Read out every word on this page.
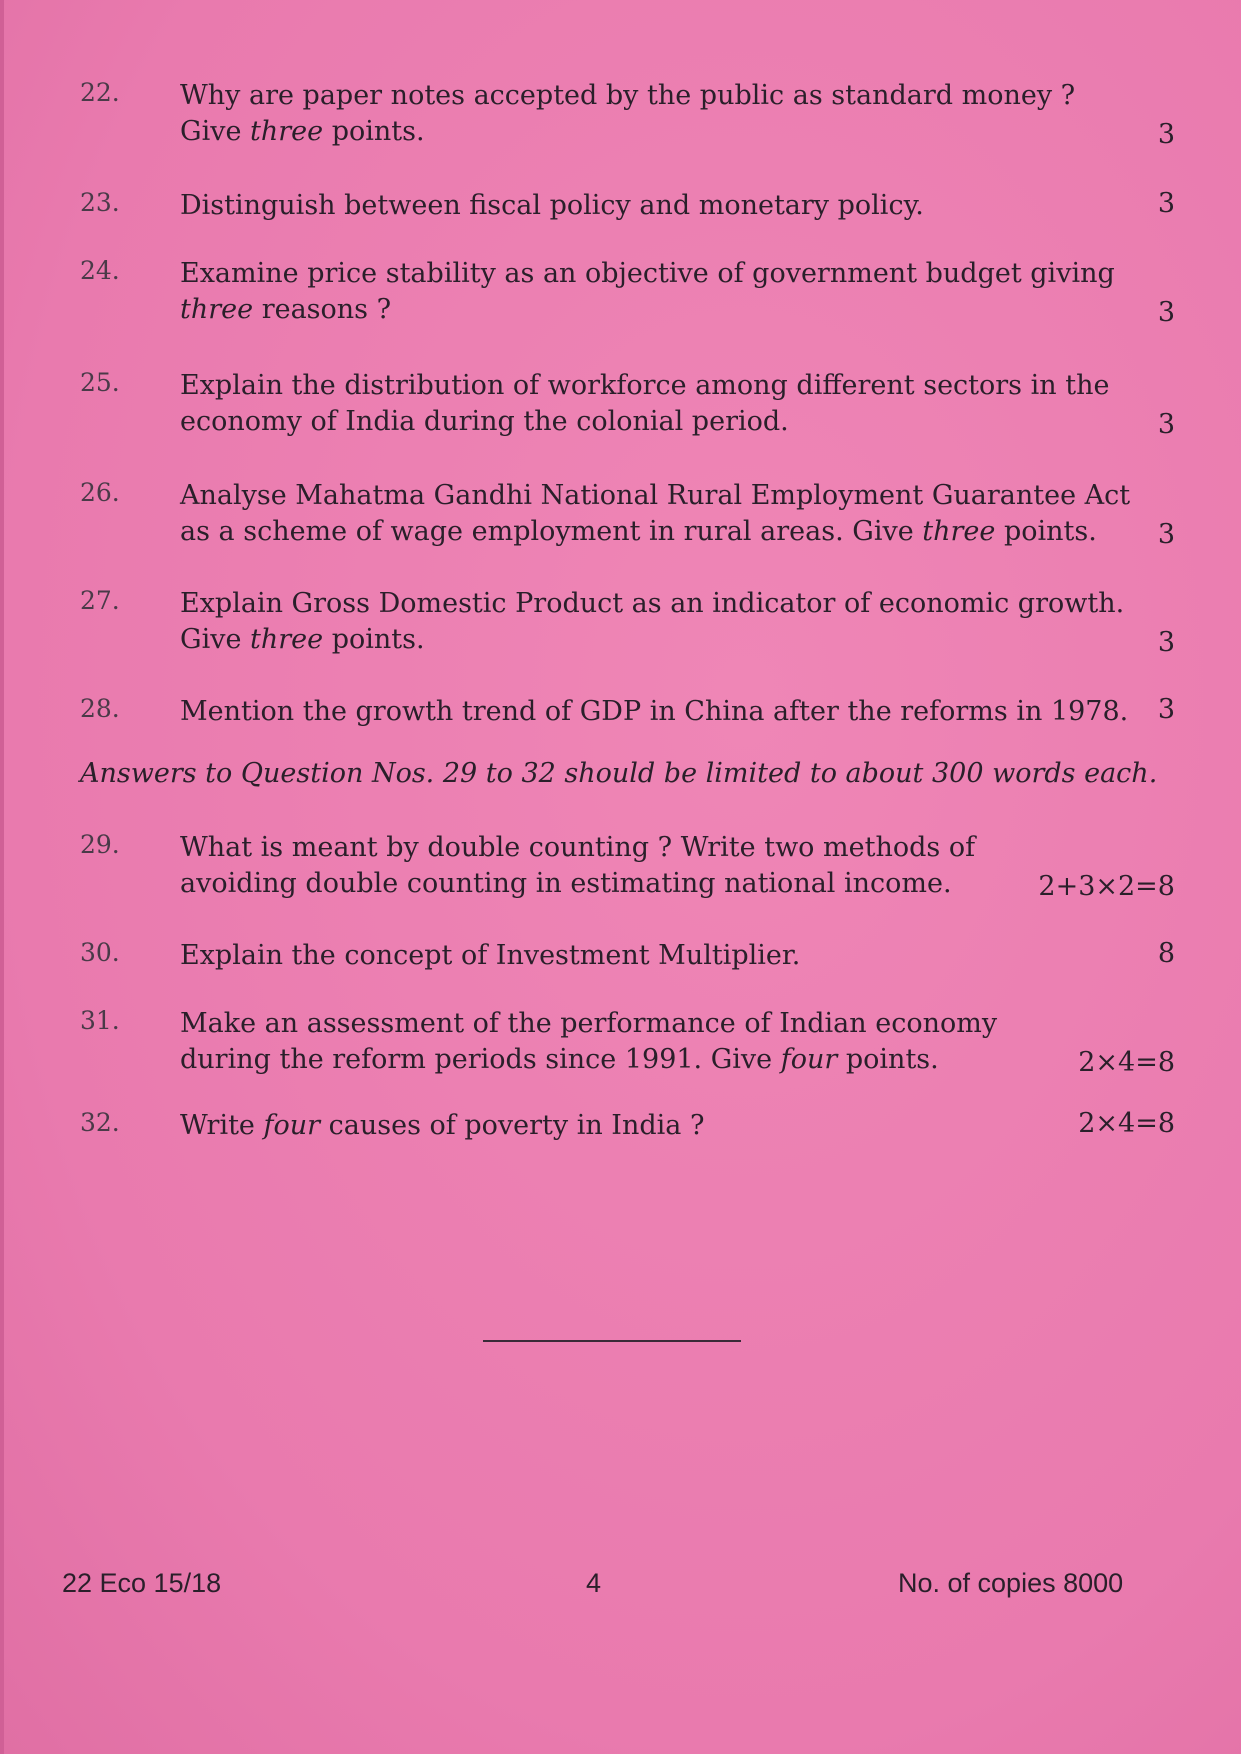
22.	Why are paper notes accepted by the public as standard money ? Give three points.	3
23.	Distinguish between fiscal policy and monetary policy.	3
24.	Examine price stability as an objective of government budget giving three reasons ?	3
25.	Explain the distribution of workforce among different sectors in the economy of India during the colonial period.	3
26.	Analyse Mahatma Gandhi National Rural Employment Guarantee Act as a scheme of wage employment in rural areas. Give three points.	3
27.	Explain Gross Domestic Product as an indicator of economic growth. Give three points.	3
28.	Mention the growth trend of GDP in China after the reforms in 1978.	3
Answers to Question Nos. 29 to 32 should be limited to about 300 words each.
29.	What is meant by double counting ? Write two methods of avoiding double counting in estimating national income.	2+3×2=8
30.	Explain the concept of Investment Multiplier.	8
31.	Make an assessment of the performance of Indian economy during the reform periods since 1991. Give four points.	2×4=8
32.	Write four causes of poverty in India ?	2×4=8
22 Eco 15/18	4	No. of copies 8000
